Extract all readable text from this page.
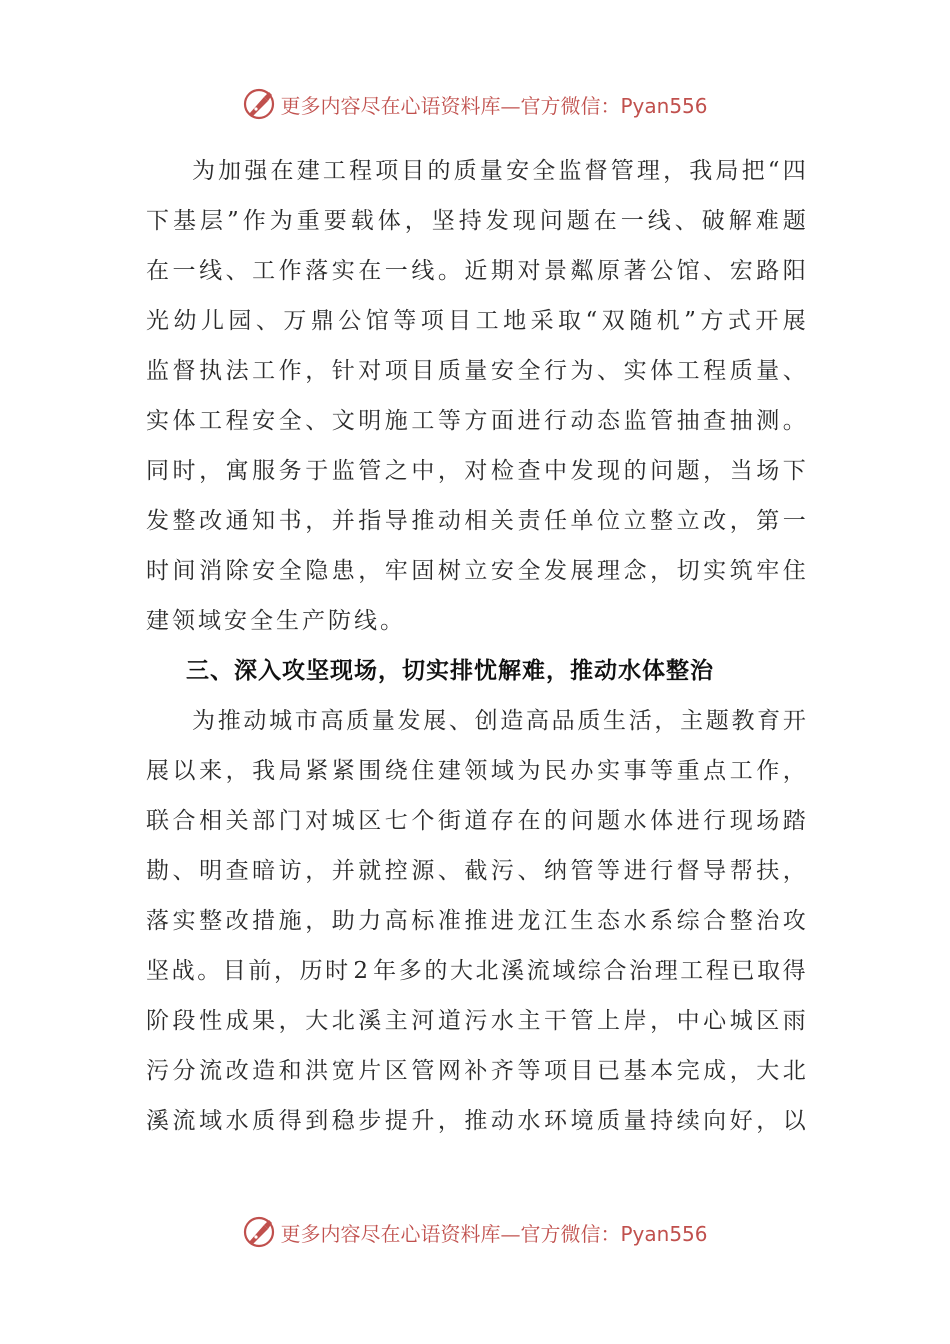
更多内容尽在心语资料库—官方微信：Pyan556
为 加 强 在 建 工 程 项 目 的 质 量 安 全 监 督 管 理 ， 我 局 把 “ 四
下 基 层 ” 作 为 重 要 载 体 ， 坚 持 发 现 问 题 在 一 线 、 破 解 难 题
在 一 线 、 工 作 落 实 在 一 线 。 近 期 对 景 粼 原 著 公 馆 、 宏 路 阳
光 幼 儿 园 、 万 鼎 公 馆 等 项 目 工 地 采 取 “ 双 随 机 ” 方 式 开 展
监 督 执 法 工 作 ， 针 对 项 目 质 量 安 全 行 为 、 实 体 工 程 质 量 、
实 体 工 程 安 全 、 文 明 施 工 等 方 面 进 行 动 态 监 管 抽 查 抽 测 。
同 时 ， 寓 服 务 于 监 管 之 中 ， 对 检 查 中 发 现 的 问 题 ， 当 场 下
发 整 改 通 知 书 ， 并 指 导 推 动 相 关 责 任 单 位 立 整 立 改 ， 第 一
时 间 消 除 安 全 隐 患 ， 牢 固 树 立 安 全 发 展 理 念 ， 切 实 筑 牢 住
建领域安全生产防线。
三、深入攻坚现场，切实排忧解难，推动水体整治
为 推 动 城 市 高 质 量 发 展 、 创 造 高 品 质 生 活 ， 主 题 教 育 开
展 以 来 ， 我 局 紧 紧 围 绕 住 建 领 域 为 民 办 实 事 等 重 点 工 作 ，
联 合 相 关 部 门 对 城 区 七 个 街 道 存 在 的 问 题 水 体 进 行 现 场 踏
勘 、 明 查 暗 访 ， 并 就 控 源 、 截 污 、 纳 管 等 进 行 督 导 帮 扶 ，
落 实 整 改 措 施 ， 助 力 高 标 准 推 进 龙 江 生 态 水 系 综 合 整 治 攻
坚 战 。 目 前 ， 历 时 2 年 多 的 大 北 溪 流 域 综 合 治 理 工 程 已 取 得
阶 段 性 成 果 ， 大 北 溪 主 河 道 污 水 主 干 管 上 岸 ， 中 心 城 区 雨
污 分 流 改 造 和 洪 宽 片 区 管 网 补 齐 等 项 目 已 基 本 完 成 ， 大 北
溪 流 域 水 质 得 到 稳 步 提 升 ， 推 动 水 环 境 质 量 持 续 向 好 ， 以
更多内容尽在心语资料库—官方微信：Pyan556
